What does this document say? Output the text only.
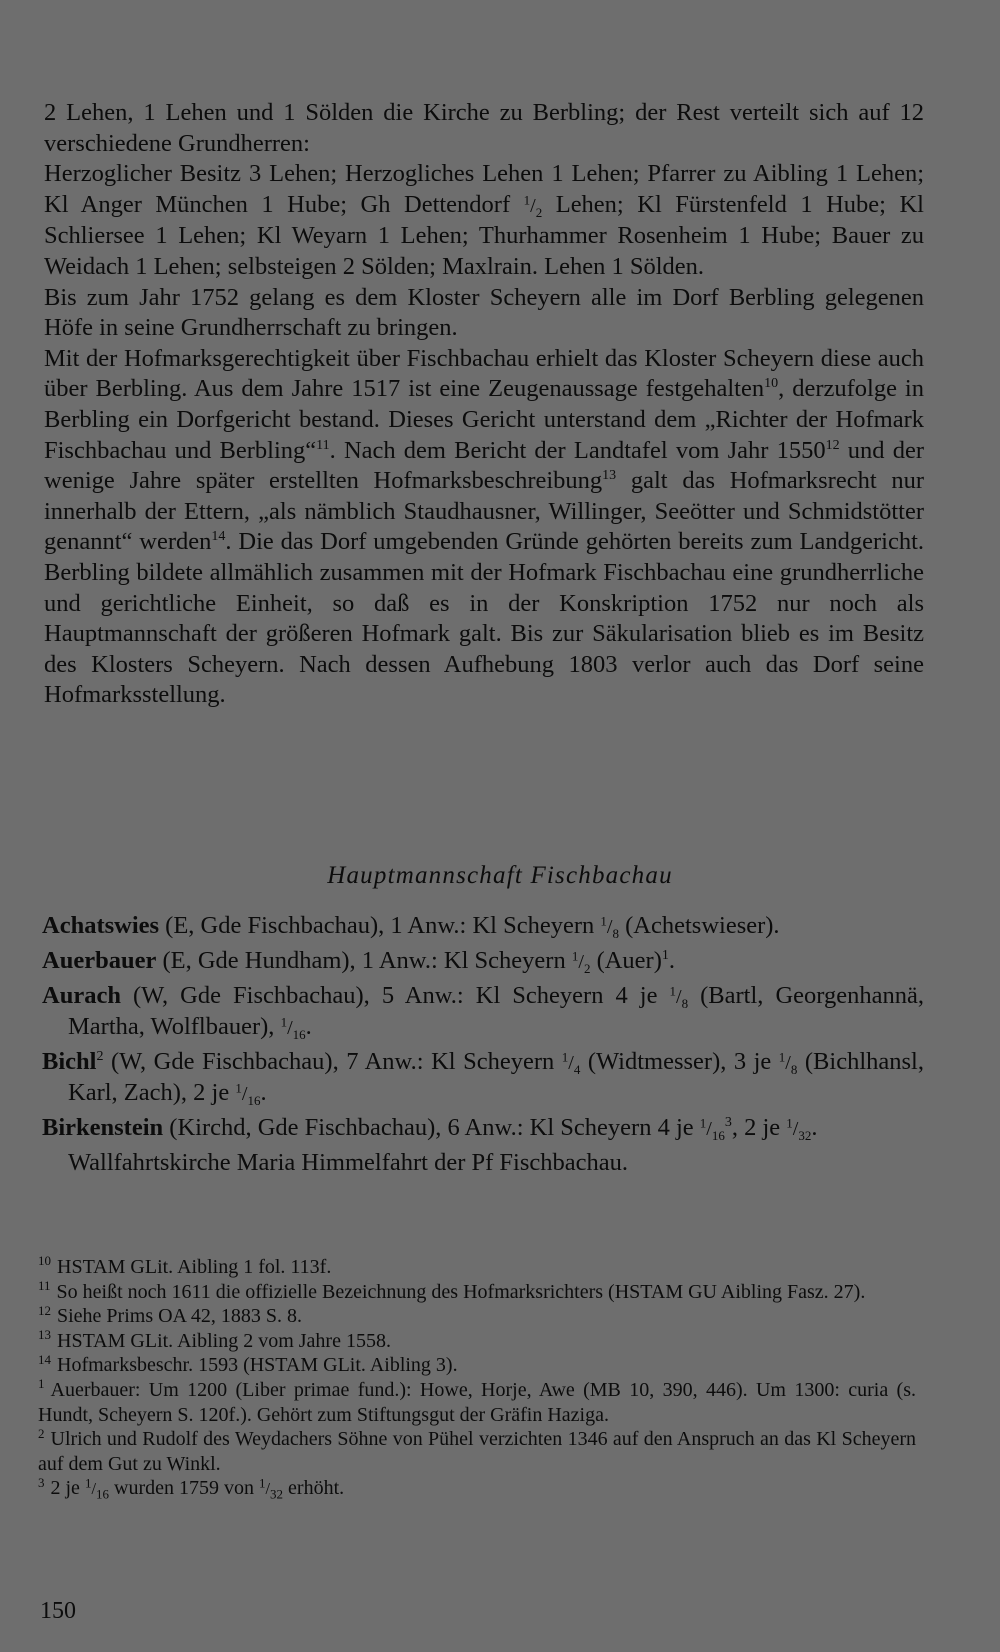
2 Lehen, 1 Lehen und 1 Sölden die Kirche zu Berbling; der Rest verteilt sich auf 12 verschiedene Grundherren:
Herzoglicher Besitz 3 Lehen; Herzogliches Lehen 1 Lehen; Pfarrer zu Aibling 1 Lehen; Kl Anger München 1 Hube; Gh Dettendorf $^1/_2$ Lehen; Kl Fürstenfeld 1 Hube; Kl Schliersee 1 Lehen; Kl Weyarn 1 Lehen; Thurhammer Rosenheim 1 Hube; Bauer zu Weidach 1 Lehen; selbsteigen 2 Sölden; Maxlrain. Lehen 1 Sölden.

Bis zum Jahr 1752 gelang es dem Kloster Scheyern alle im Dorf Berbling gelegenen Höfe in seine Grundherrschaft zu bringen.

Mit der Hofmarksgerechtigkeit über Fischbachau erhielt das Kloster Scheyern diese auch über Berbling. Aus dem Jahre 1517 ist eine Zeugenaussage festgehalten$^{10}$, derzufolge in Berbling ein Dorfgericht bestand. Dieses Gericht unterstand dem „Richter der Hofmark Fischbachau und Berbling“$^{11}$. Nach dem Bericht der Landtafel vom Jahr 1550$^{12}$ und der wenige Jahre später erstellten Hofmarksbeschreibung$^{13}$ galt das Hofmarksrecht nur innerhalb der Ettern, „als nämblich Staudhausner, Willinger, Seeötter und Schmidstötter genannt“ werden$^{14}$. Die das Dorf umgebenden Gründe gehörten bereits zum Landgericht. Berbling bildete allmählich zusammen mit der Hofmark Fischbachau eine grundherrliche und gerichtliche Einheit, so daß es in der Konskription 1752 nur noch als Hauptmannschaft der größeren Hofmark galt. Bis zur Säkularisation blieb es im Besitz des Klosters Scheyern. Nach dessen Aufhebung 1803 verlor auch das Dorf seine Hofmarksstellung.

Hauptmannschaft Fischbachau

Achatswies (E, Gde Fischbachau), 1 Anw.: Kl Scheyern $^1/_8$ (Achetswieser).

Auerbauer (E, Gde Hundham), 1 Anw.: Kl Scheyern $^1/_2$ (Auer)$^1$.

Aurach (W, Gde Fischbachau), 5 Anw.: Kl Scheyern 4 je $^1/_8$ (Bartl, Georgenhannä, Martha, Wolflbauer), $^1/_{16}$.

Bichl$^2$ (W, Gde Fischbachau), 7 Anw.: Kl Scheyern $^1/_4$ (Widtmesser), 3 je $^1/_8$ (Bichlhansl, Karl, Zach), 2 je $^1/_{16}$.

Birkenstein (Kirchd, Gde Fischbachau), 6 Anw.: Kl Scheyern 4 je $^1/_{16}^3$, 2 je $^1/_{32}$.

Wallfahrtskirche Maria Himmelfahrt der Pf Fischbachau.

$^{10}$ HSTAM GLit. Aibling 1 fol. 113f.

$^{11}$ So heißt noch 1611 die offizielle Bezeichnung des Hofmarksrichters (HSTAM GU Aibling Fasz. 27).

$^{12}$ Siehe Prims OA 42, 1883 S. 8.

$^{13}$ HSTAM GLit. Aibling 2 vom Jahre 1558.

$^{14}$ Hofmarksbeschr. 1593 (HSTAM GLit. Aibling 3).

$^1$ Auerbauer: Um 1200 (Liber primae fund.): Howe, Horje, Awe (MB 10, 390, 446). Um 1300: curia (s. Hundt, Scheyern S. 120f.). Gehört zum Stiftungsgut der Gräfin Haziga.

$^2$ Ulrich und Rudolf des Weydachers Söhne von Pühel verzichten 1346 auf den Anspruch an das Kl Scheyern auf dem Gut zu Winkl.

$^3$ 2 je $^1/_{16}$ wurden 1759 von $^1/_{32}$ erhöht.

150
